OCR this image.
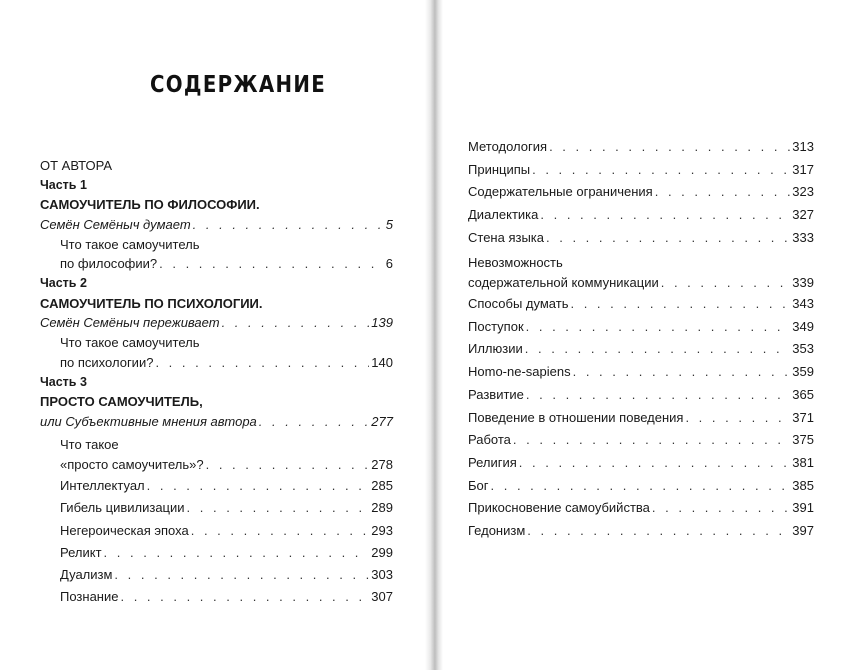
СОДЕРЖАНИЕ
ОТ АВТОРА
Часть 1
САМОУЧИТЕЛЬ ПО ФИЛОСОФИИ.
Семён Семёныч думает . . .	5
Что такое самоучитель
по философии? . . .	6
Часть 2
САМОУЧИТЕЛЬ ПО ПСИХОЛОГИИ.
Семён Семёныч переживает . . .	139
Что такое самоучитель
по психологии? . . .	140
Часть 3
ПРОСТО САМОУЧИТЕЛЬ,
или Субъективные мнения автора . . .	277
Что такое
«просто самоучитель»? . . .	278
Интеллектуал . . .	285
Гибель цивилизации . . .	289
Негероическая эпоха . . .	293
Реликт . . .	299
Дуализм . . .	303
Познание . . .	307
Методология . . .	313
Принципы . . .	317
Содержательные ограничения . . .	323
Диалектика . . .	327
Стена языка . . .	333
Невозможность
содержательной коммуникации . . .	339
Способы думать . . .	343
Поступок . . .	349
Иллюзии . . .	353
Homo-ne-sapiens . . .	359
Развитие . . .	365
Поведение в отношении поведения . . .	371
Работа . . .	375
Религия . . .	381
Бог . . .	385
Прикосновение самоубийства . . .	391
Гедонизм . . .	397
